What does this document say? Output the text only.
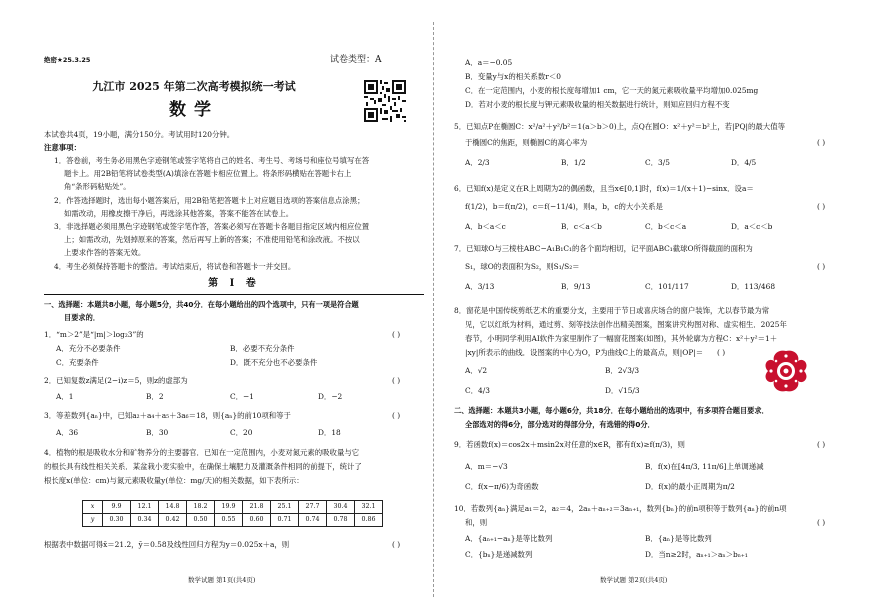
绝密★25.3.25	试卷类型：A
九江市 2025 年第二次高考模拟统一考试
数学
本试卷共4页，19小题，满分150分。考试用时120分钟。
注意事项：
1．答卷前，考生务必用黑色字迹钢笔或签字笔将自己的姓名、考生号、考场号和座位号填写在答
题卡上。用2B铅笔将试卷类型(A)填涂在答题卡相应位置上。将条形码横贴在答题卡右上
角“条形码粘贴处”。
2．作答选择题时，选出每小题答案后，用2B铅笔把答题卡上对应题目选项的答案信息点涂黑；
如需改动，用橡皮擦干净后，再选涂其他答案，答案不能答在试卷上。
3．非选择题必须用黑色字迹钢笔或签字笔作答，答案必须写在答题卡各题目指定区域内相应位置
上；如需改动，先划掉原来的答案，然后再写上新的答案；不准使用铅笔和涂改液。不按以
上要求作答的答案无效。
4．考生必须保持答题卡的整洁。考试结束后，将试卷和答题卡一并交回。
第 I 卷
一、选择题：本题共8小题，每小题5分，共40分．在每小题给出的四个选项中，只有一项是符合题
目要求的．
1．“m＞2”是“|m|＞log₂3”的	( )
A．充分不必要条件	B．必要不充分条件
C．充要条件	D．既不充分也不必要条件
2．已知复数z满足(2−i)z＝5，则z的虚部为	( )
A．1	B．2	C．−1	D．−2
3．等差数列{aₙ}中，已知a₂＋a₄＋a₅＋3a₆＝18，则{aₙ}的前10项和等于	( )
A．36	B．30	C．20	D．18
4．植物的根是吸收水分和矿物养分的主要器官．已知在一定范围内，小麦对氮元素的吸收量与它
的根长具有线性相关关系．某盆栽小麦实验中，在确保土壤肥力及灌溉条件相同的前提下，统计了
根长度x(单位：cm)与氮元素吸收量y(单位：mg/天)的相关数据，如下表所示：
x	9.9	12.1	14.8	18.2	19.9	21.8	25.1	27.7	30.4	32.1
y	0.30	0.34	0.42	0.50	0.55	0.60	0.71	0.74	0.78	0.86
根据表中数据可得x̄＝21.2，ȳ＝0.58及线性回归方程为y＝0.025x＋a，则	( )
数学试题 第1页(共4页)
A．a＝−0.05
B．变量y与x的相关系数r＜0
C．在一定范围内，小麦的根长度每增加1 cm，它一天的氮元素吸收量平均增加0.025mg
D．若对小麦的根长度与钾元素吸收量的相关数据进行统计，则知应回归方程不变
5．已知点P在椭圆C：x²/a²＋y²/b²＝1(a＞b＞0)上，点Q在圆O：x²＋y²＝b²上，若|PQ|的最大值等
于椭圆C的焦距，则椭圆C的离心率为	( )
A．2/3	B．1/2	C．3/5	D．4/5
6．已知f(x)是定义在R上周期为2的偶函数，且当x∈[0,1]时，f(x)＝1/(x＋1)−sinx．设a＝
f(1/2)，b＝f(π/2)，c＝f(−11/4)，则a，b，c的大小关系是	( )
A．b＜a＜c	B．c＜a＜b	C．b＜c＜a	D．a＜c＜b
7．已知球O与三棱柱ABC−A₁B₁C₁的各个面均相切，记平面ABC₁截球O所得截面的面积为
S₁，球O的表面积为S₂，则S₁/S₂＝	( )
A．3/13	B．9/13	C．101/117	D．113/468
8．窗花是中国传统剪纸艺术的重要分支，主要用于节日或喜庆场合的窗户装饰，尤以春节最为常
见，它以红纸为材料，通过剪、刻等技法创作出精美图案，图案讲究构图对称、虚实相生．2025年
春节，小明同学利用AI软件为家里制作了一幅窗花图案(如图)，其外轮廓为方程C：x²＋y²＝1＋
|xy|所表示的曲线．设图案的中心为O，P为曲线C上的最高点，则|OP|＝ ( )
A．√2	B．2√3/3
C．4/3	D．√15/3
二、选择题：本题共3小题，每小题6分，共18分．在每小题给出的选项中，有多项符合题目要求．
全部选对的得6分，部分选对的得部分分，有选错的得0分．
9．若函数f(x)＝cos2x＋msin2x对任意的x∈R，都有f(x)≥f(π/3)，则	( )
A．m＝−√3	B．f(x)在[4π/3, 11π/6]上单调递减
C．f(x−π/6)为奇函数	D．f(x)的最小正周期为π/2
10．若数列{aₙ}满足a₁＝2，a₂＝4，2aₙ＋aₙ₊₂＝3aₙ₊₁，数列{bₙ}的前n项积等于数列{aₙ}的前n项
和，则	( )
A．{aₙ₊₁−aₙ}是等比数列	B．{aₙ}是等比数列
C．{bₙ}是递减数列	D．当n≥2时，aₙ₊₁＞aₙ＞bₙ₊₁
数学试题 第2页(共4页)
